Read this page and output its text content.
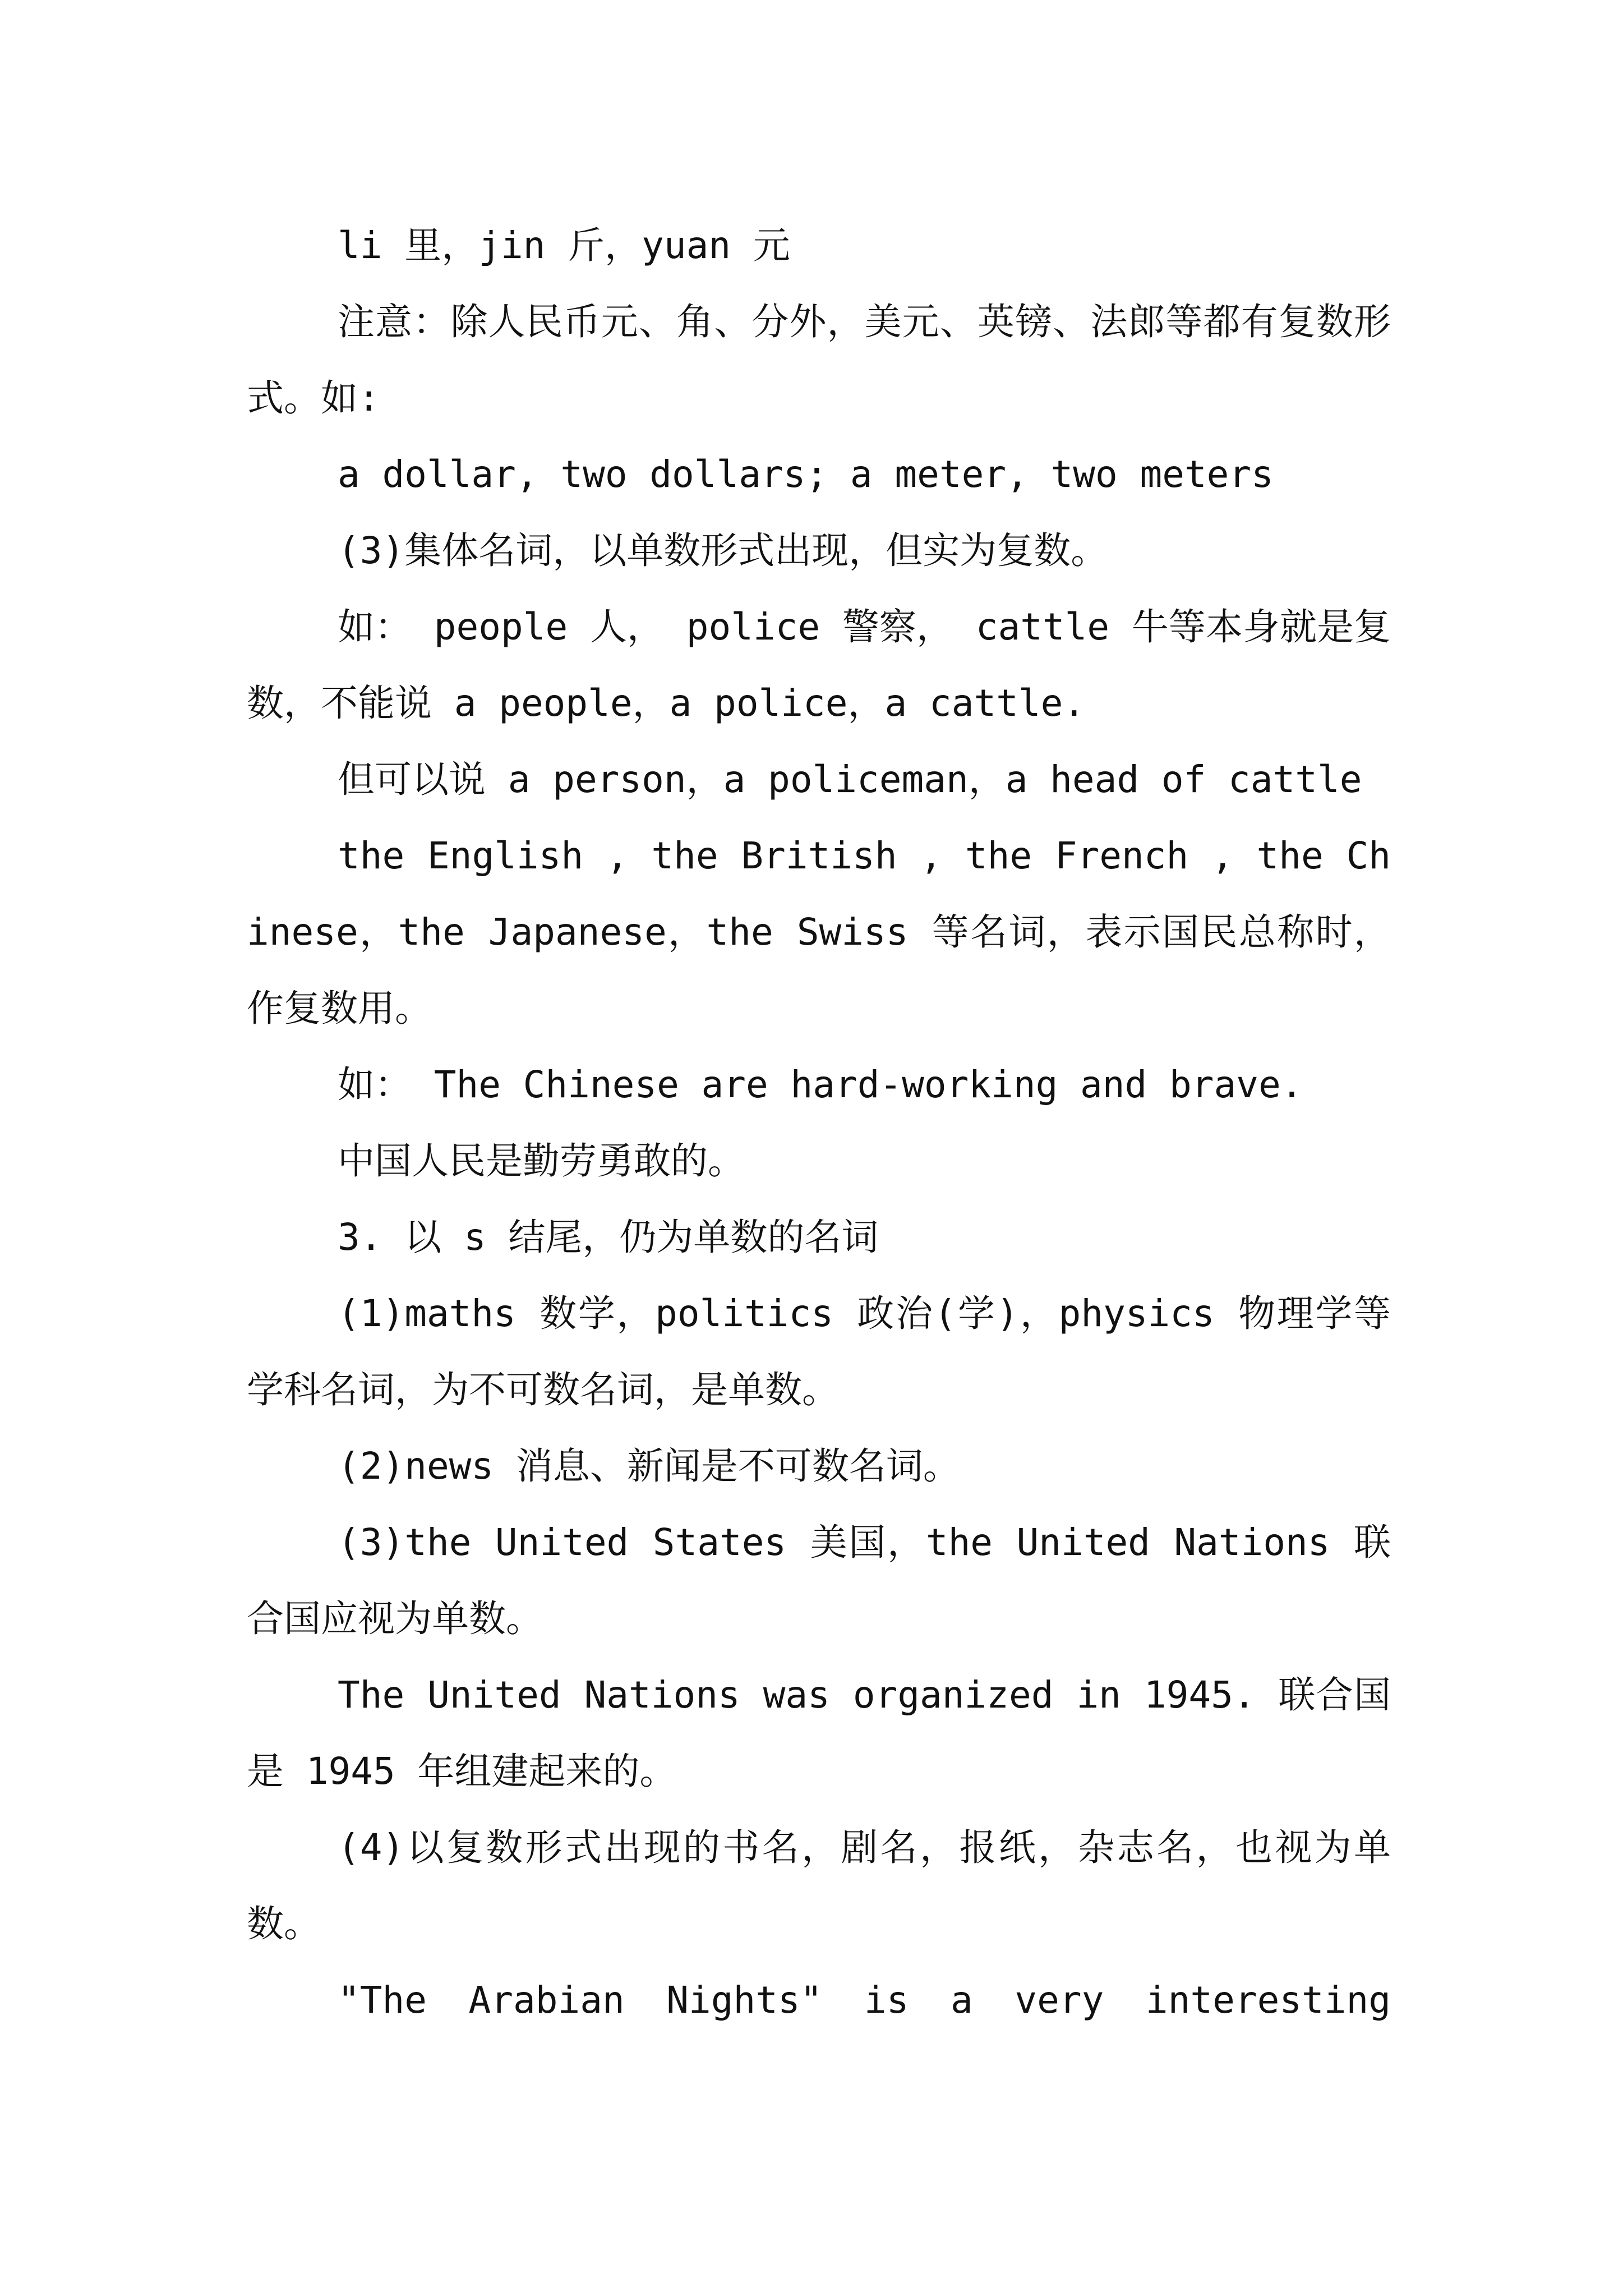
li 里，jin 斤，yuan 元

注意：除人民币元、角、分外，美元、英镑、法郎等都有复数形式。如:

a dollar, two dollars; a meter, two meters

(3)集体名词，以单数形式出现，但实为复数。

如： people 人， police 警察， cattle 牛等本身就是复数，不能说 a people，a police，a cattle.

但可以说 a person，a policeman，a head of cattle

the English , the British , the French , the Chinese，the Japanese，the Swiss 等名词，表示国民总称时，作复数用。

如： The Chinese are hard-working and brave.

中国人民是勤劳勇敢的。

3. 以 s 结尾，仍为单数的名词

(1)maths 数学，politics 政治(学)，physics 物理学等学科名词，为不可数名词，是单数。

(2)news 消息、新闻是不可数名词。

(3)the United States 美国，the United Nations 联合国应视为单数。

The United Nations was organized in 1945. 联合国是 1945 年组建起来的。

(4)以复数形式出现的书名，剧名，报纸，杂志名，也视为单数。

"The Arabian Nights" is a very interesting
